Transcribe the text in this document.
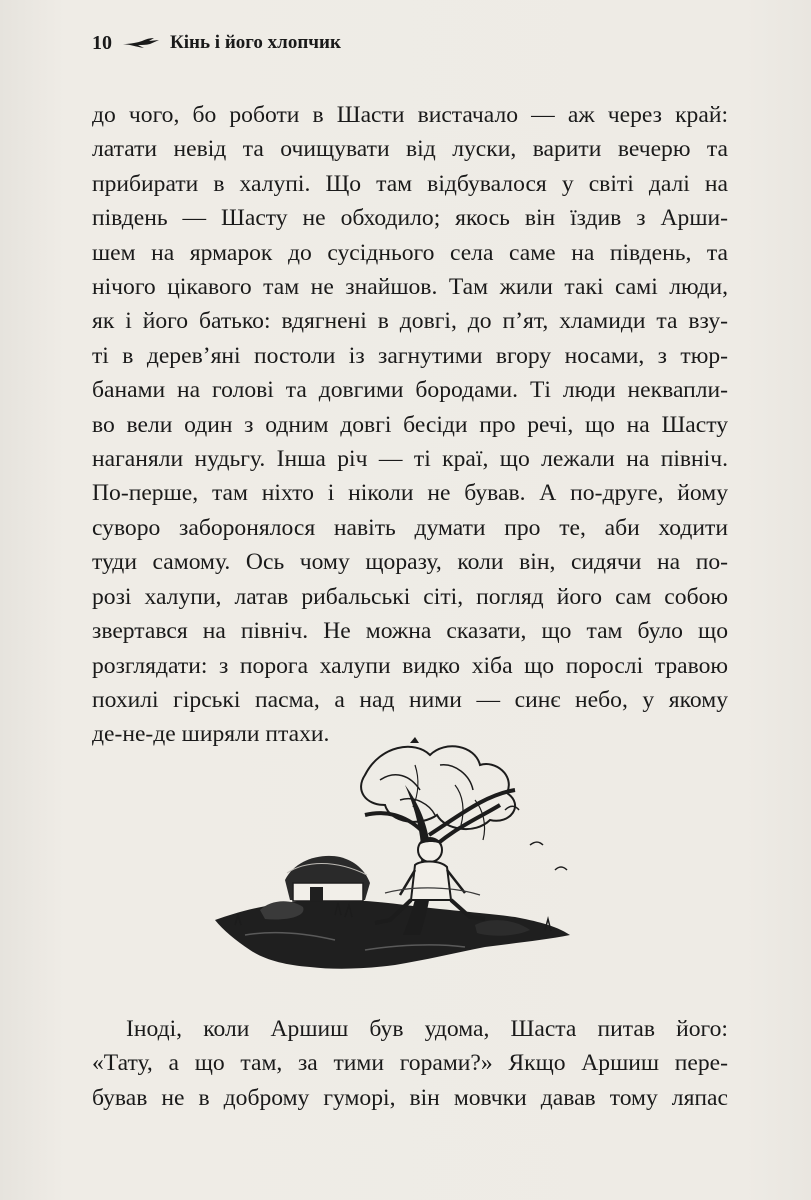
10	Кінь і його хлопчик
до чого, бо роботи в Шасти вистачало — аж через край:
латати невід та очищувати від луски, варити вечерю та
прибирати в халупі. Що там відбувалося у світі далі на
південь — Шасту не обходило; якось він їздив з Арши-
шем на ярмарок до сусіднього села саме на південь, та
нічого цікавого там не знайшов. Там жили такі самі люди,
як і його батько: вдягнені в довгі, до п’ят, хламиди та взу-
ті в дерев’яні постоли із загнутими вгору носами, з тюр-
банами на голові та довгими бородами. Ті люди неквапли-
во вели один з одним довгі бесіди про речі, що на Шасту
наганяли нудьгу. Інша річ — ті краї, що лежали на північ.
По-перше, там ніхто і ніколи не бував. А по-друге, йому
суворо заборонялося навіть думати про те, аби ходити
туди самому. Ось чому щоразу, коли він, сидячи на по-
розі халупи, латав рибальські сіті, погляд його сам собою
звертався на північ. Не можна сказати, що там було що
розглядати: з порога халупи видко хіба що порослі травою
похилі гірські пасма, а над ними — синє небо, у якому
де-не-де ширяли птахи.
Іноді, коли Аршиш був удома, Шаста питав його:
«Тату, а що там, за тими горами?» Якщо Аршиш пере-
бував не в доброму гуморі, він мовчки давав тому ляпас
